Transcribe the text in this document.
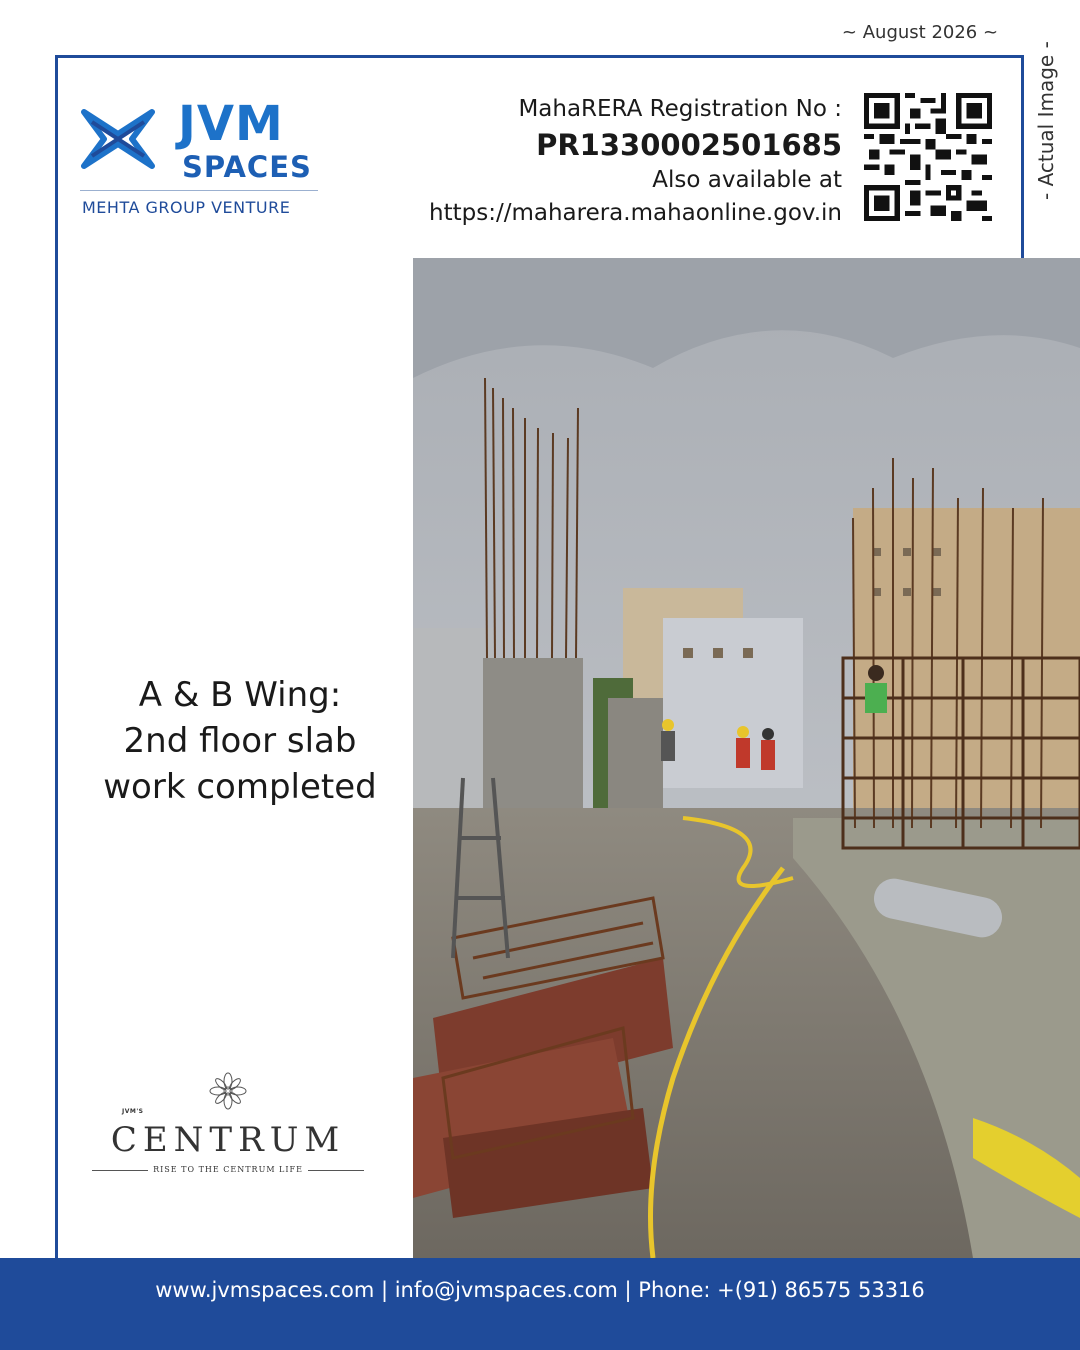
~ August 2026 ~
- Actual Image -
JVM
SPACES
MEHTA GROUP VENTURE
MahaRERA Registration No :
PR1330002501685
Also available at
https://maharera.mahaonline.gov.in
A & B Wing:
2nd floor slab
work completed
JVM'S
CENTRUM
RISE TO THE CENTRUM LIFE
www.jvmspaces.com | info@jvmspaces.com | Phone: +(91) 86575 53316
